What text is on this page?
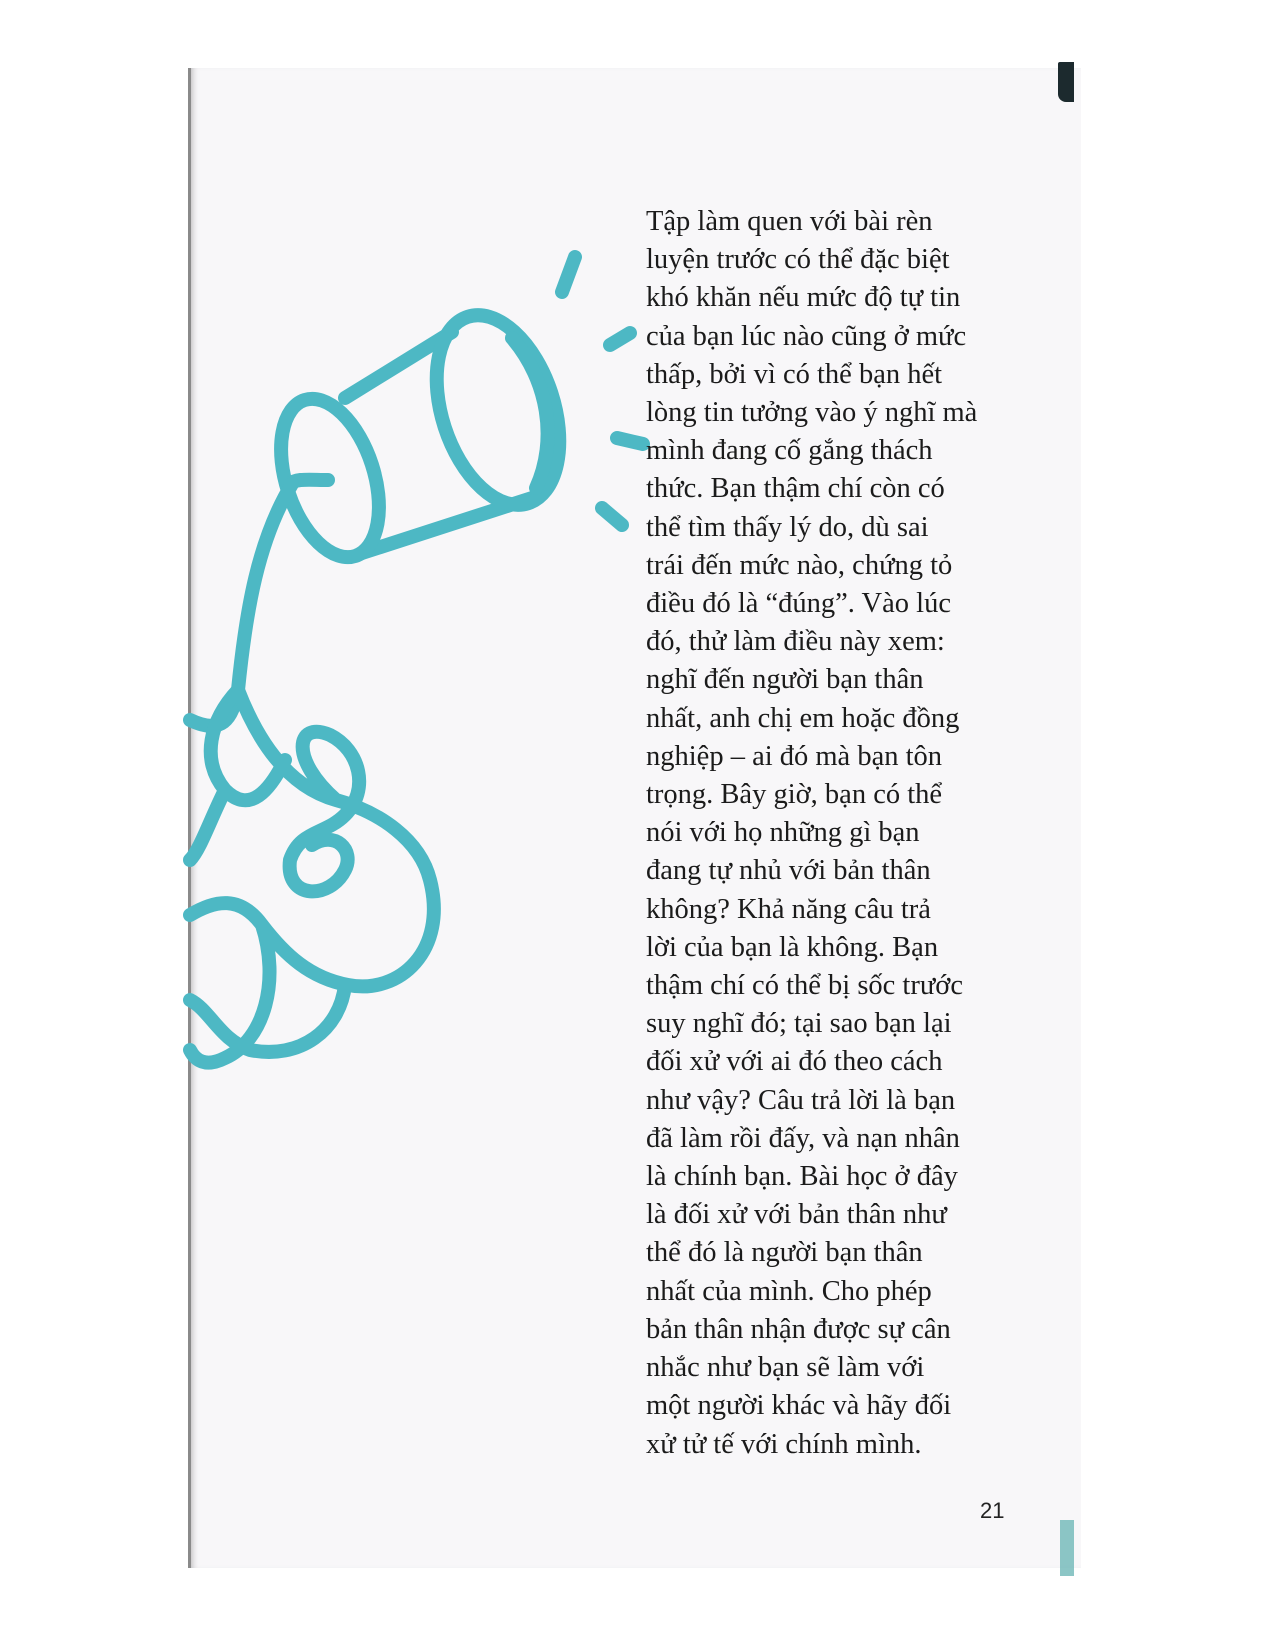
Tập làm quen với bài rèn
luyện trước có thể đặc biệt
khó khăn nếu mức độ tự tin
của bạn lúc nào cũng ở mức
thấp, bởi vì có thể bạn hết
lòng tin tưởng vào ý nghĩ mà
mình đang cố gắng thách
thức. Bạn thậm chí còn có
thể tìm thấy lý do, dù sai
trái đến mức nào, chứng tỏ
điều đó là “đúng”. Vào lúc
đó, thử làm điều này xem:
nghĩ đến người bạn thân
nhất, anh chị em hoặc đồng
nghiệp – ai đó mà bạn tôn
trọng. Bây giờ, bạn có thể
nói với họ những gì bạn
đang tự nhủ với bản thân
không? Khả năng câu trả
lời của bạn là không. Bạn
thậm chí có thể bị sốc trước
suy nghĩ đó; tại sao bạn lại
đối xử với ai đó theo cách
như vậy? Câu trả lời là bạn
đã làm rồi đấy, và nạn nhân
là chính bạn. Bài học ở đây
là đối xử với bản thân như
thể đó là người bạn thân
nhất của mình. Cho phép
bản thân nhận được sự cân
nhắc như bạn sẽ làm với
một người khác và hãy đối
xử tử tế với chính mình.
21
